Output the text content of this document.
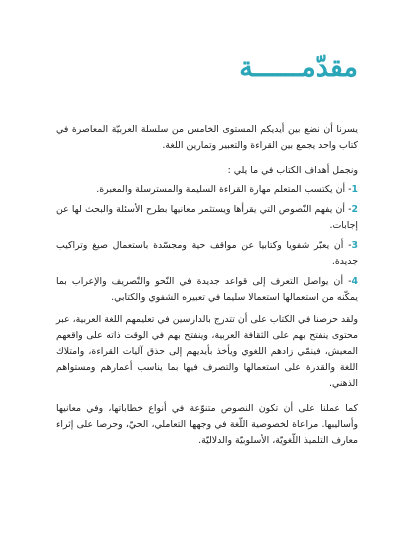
مقدّمــــــة

يسرنا أن نضع بين أيديكم المستوى الخامس من سلسلة العربيّة المعاصرة في كتاب واحد يجمع بين القراءة والتعبير وتمارين اللغة.

ونجمل أهداف الكتاب في ما يلي :

1- أن يكتسب المتعلم مهارة القراءة السليمة والمسترسلة والمعبرة.
2- أن يفهم النّصوص التي يقرأها ويستثمر معانيها بطرح الأسئلة والبحث لها عن إجابات.
3- أن يعبّر شفويا وكتابيا عن مواقف حية ومجسّدة باستعمال صيغ وتراكيب جديدة.
4- أن يواصل التعرف إلى قواعد جديدة في النّحو والتّصريف والإعراب بما يمكّنه من استعمالها استعمالا سليما في تعبيره الشفوي والكتابي.

ولقد حرصنا في الكتاب على أن تتدرج بالدارسين في تعليمهم اللغة العربية، عبر محتوى ينفتح بهم على الثقافة العربية، وينفتح بهم في الوقت ذاته على واقعهم المعيش، فينمّي زادهم اللغوي ويأخذ بأيديهم إلى حذق آليات القراءة، وامتلاك اللغة والقدرة على استعمالها والتصرف فيها بما يناسب أعمارهم ومستواهم الذهني.

كما عملنا على أن تكون النصوص متنوّعة في أنواع خطاباتها، وفي معانيها وأساليبها. مراعاة لخصوصية اللّغة في وجهها التعاملي، الحيّ، وحرصا على إثراء معارف التلميذ اللّغويّة، الأسلوبيّة والدلاليّة.
